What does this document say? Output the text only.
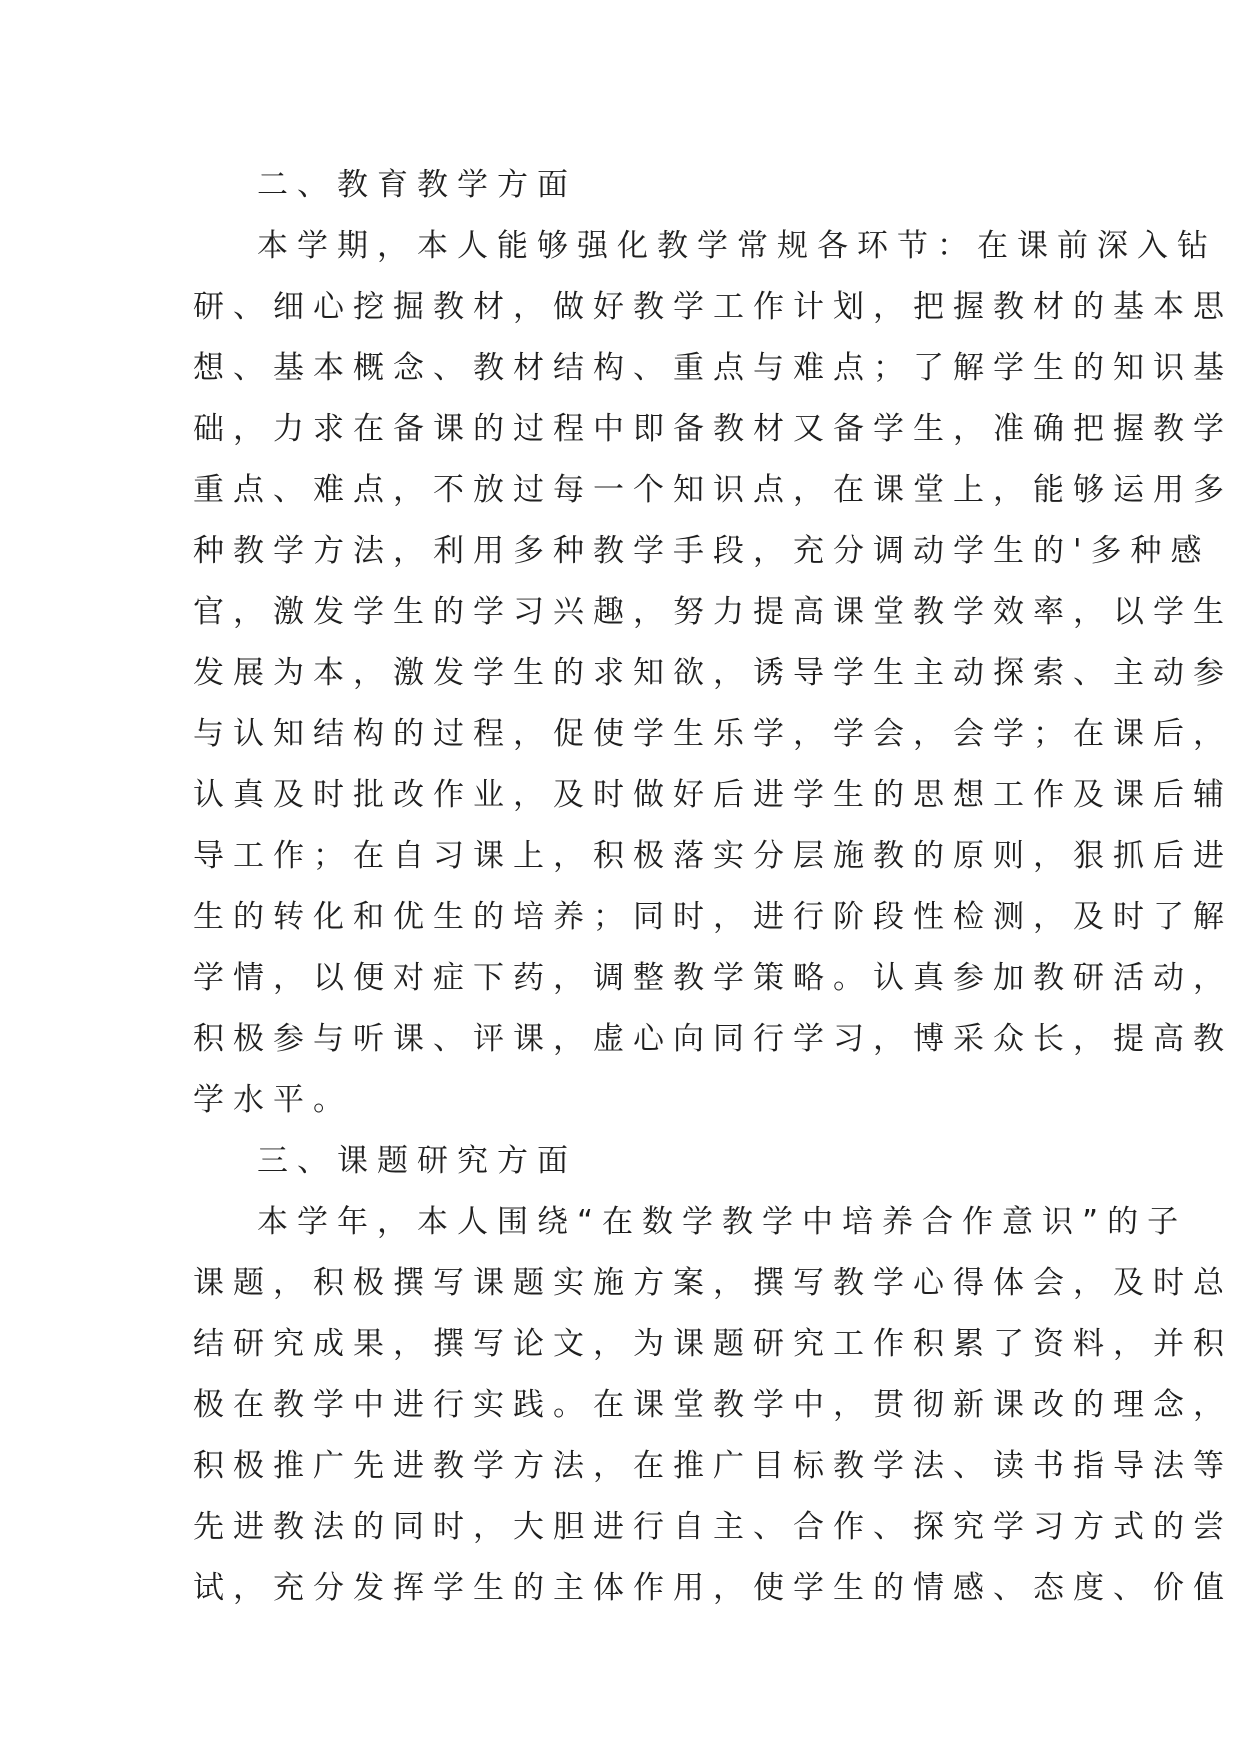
二、教育教学方面
本学期，本人能够强化教学常规各环节：在课前深入钻
研、细心挖掘教材，做好教学工作计划，把握教材的基本思
想、基本概念、教材结构、重点与难点；了解学生的知识基
础，力求在备课的过程中即备教材又备学生，准确把握教学
重点、难点，不放过每一个知识点，在课堂上，能够运用多
种教学方法，利用多种教学手段，充分调动学生的'多种感
官，激发学生的学习兴趣，努力提高课堂教学效率，以学生
发展为本，激发学生的求知欲，诱导学生主动探索、主动参
与认知结构的过程，促使学生乐学，学会，会学；在课后，
认真及时批改作业，及时做好后进学生的思想工作及课后辅
导工作；在自习课上，积极落实分层施教的原则，狠抓后进
生的转化和优生的培养；同时，进行阶段性检测，及时了解
学情，以便对症下药，调整教学策略。认真参加教研活动，
积极参与听课、评课，虚心向同行学习，博采众长，提高教
学水平。
三、课题研究方面
本学年，本人围绕“在数学教学中培养合作意识”的子
课题，积极撰写课题实施方案，撰写教学心得体会，及时总
结研究成果，撰写论文，为课题研究工作积累了资料，并积
极在教学中进行实践。在课堂教学中，贯彻新课改的理念，
积极推广先进教学方法，在推广目标教学法、读书指导法等
先进教法的同时，大胆进行自主、合作、探究学习方式的尝
试，充分发挥学生的主体作用，使学生的情感、态度、价值
